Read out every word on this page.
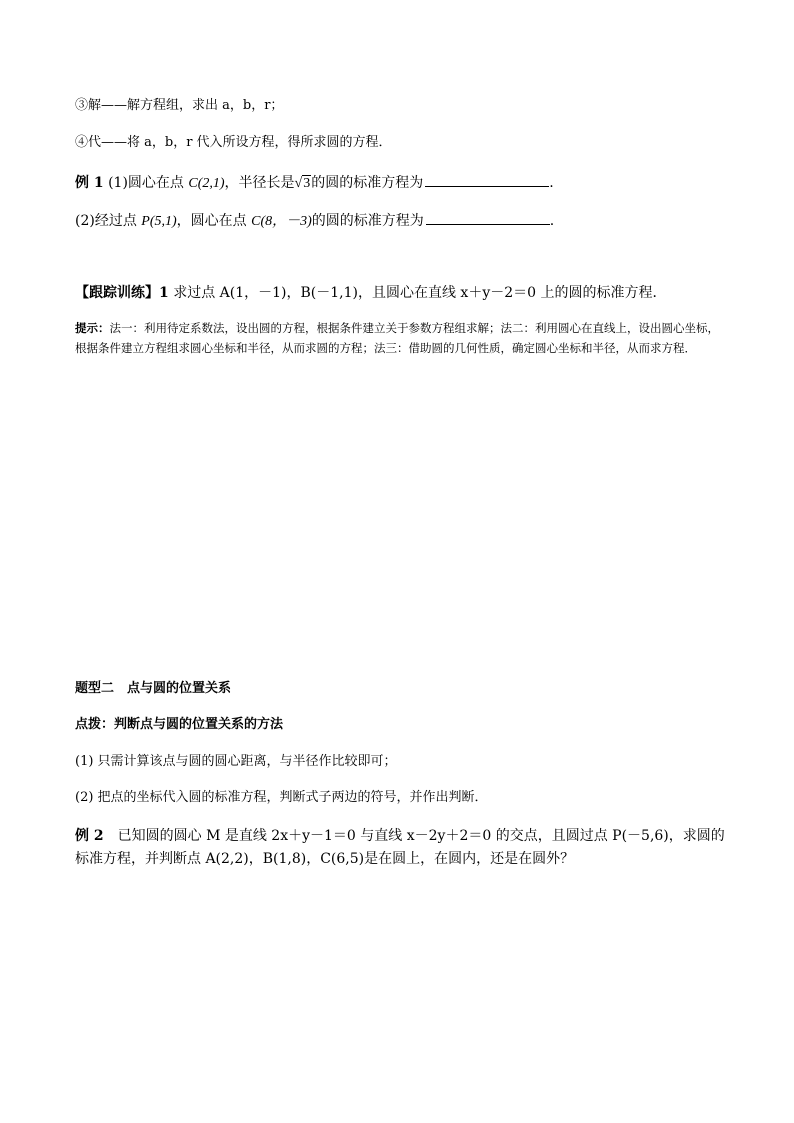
③解——解方程组，求出 a，b，r；
④代——将 a，b，r 代入所设方程，得所求圆的方程．
例 1 (1)圆心在点 C(2,1)，半径长是√3的圆的标准方程为	.
(2)经过点 P(5,1)，圆心在点 C(8，－3)的圆的标准方程为	.
【跟踪训练】1 求过点 A(1，－1)，B(－1,1)，且圆心在直线 x＋y－2＝0 上的圆的标准方程．
提示：法一：利用待定系数法，设出圆的方程，根据条件建立关于参数方程组求解；法二：利用圆心在直线上，设出圆心坐标，根据条件建立方程组求圆心坐标和半径，从而求圆的方程；法三：借助圆的几何性质，确定圆心坐标和半径，从而求方程．
题型二　点与圆的位置关系
点拨：判断点与圆的位置关系的方法
(1) 只需计算该点与圆的圆心距离，与半径作比较即可；
(2) 把点的坐标代入圆的标准方程，判断式子两边的符号，并作出判断．
例 2　已知圆的圆心 M 是直线 2x＋y－1＝0 与直线 x－2y＋2＝0 的交点，且圆过点 P(－5,6)，求圆的标准方程，并判断点 A(2,2)，B(1,8)，C(6,5)是在圆上，在圆内，还是在圆外？
